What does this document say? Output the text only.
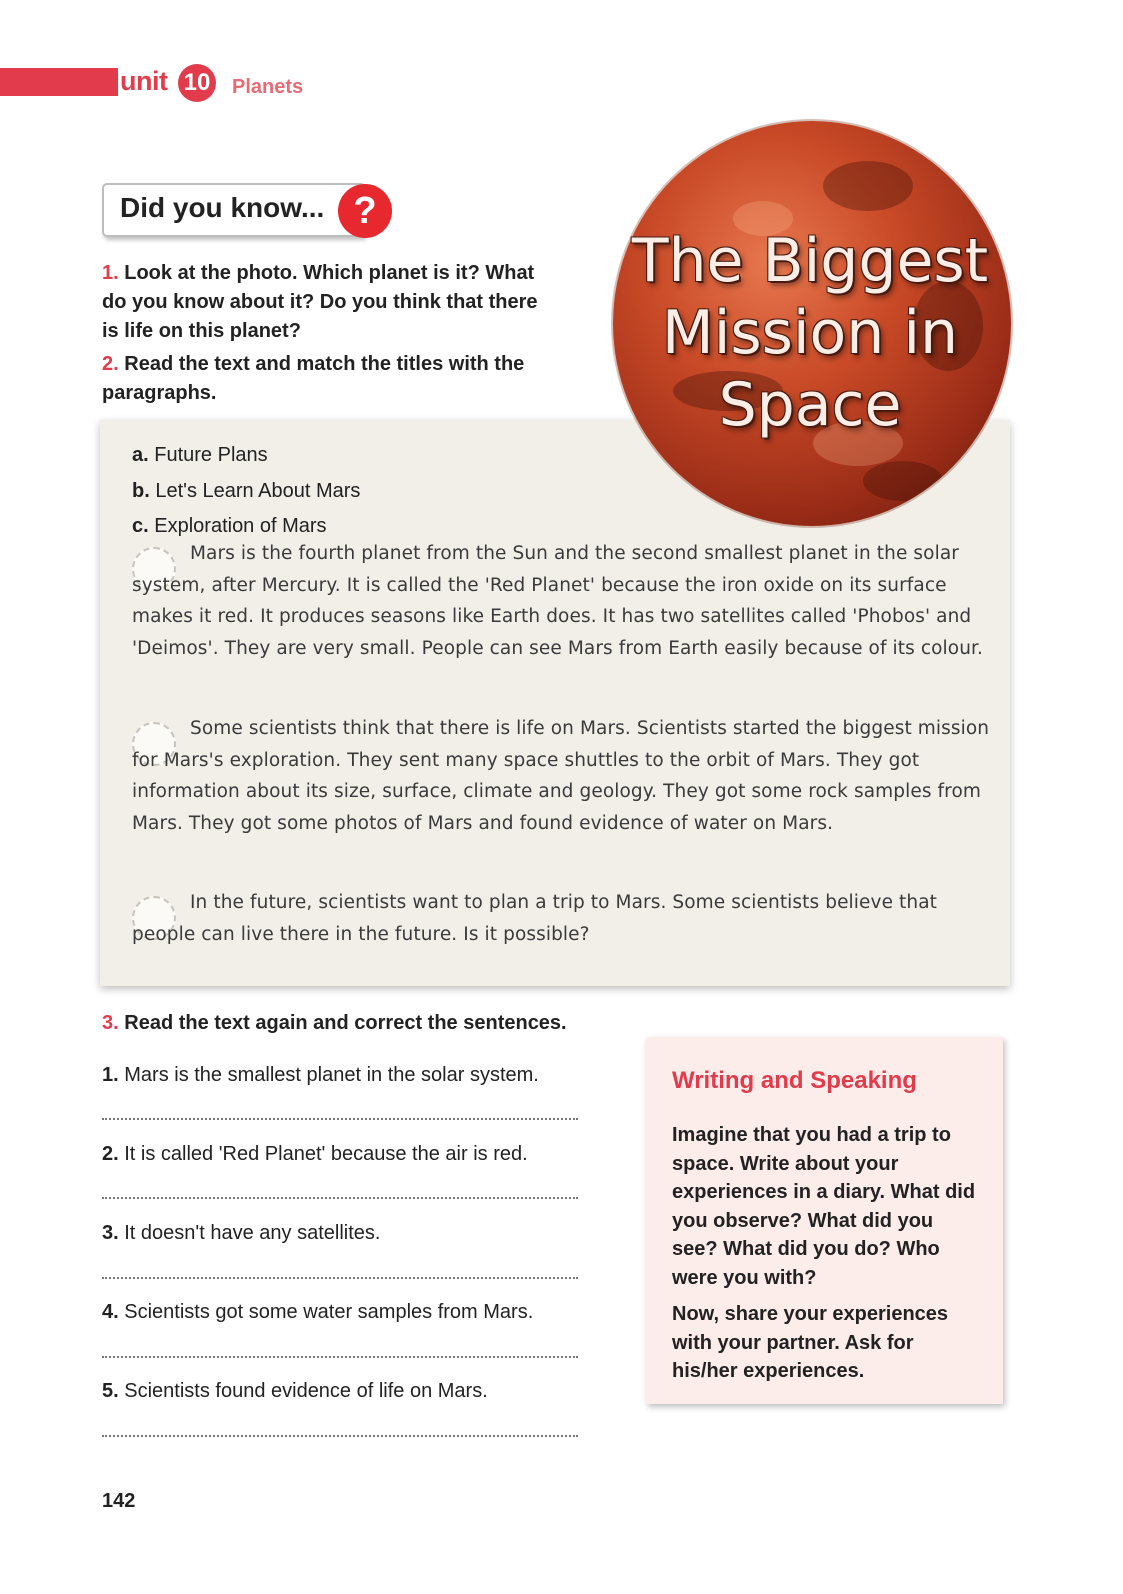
unit 10 Planets
Did you know... ?
1. Look at the photo. Which planet is it? What do you know about it? Do you think that there is life on this planet?
2. Read the text and match the titles with the paragraphs.
a. Future Plans
b. Let's Learn About Mars
c. Exploration of Mars
Mars is the fourth planet from the Sun and the second smallest planet in the solar system, after Mercury. It is called the 'Red Planet' because the iron oxide on its surface makes it red. It produces seasons like Earth does. It has two satellites called 'Phobos' and 'Deimos'. They are very small. People can see Mars from Earth easily because of its colour.
Some scientists think that there is life on Mars. Scientists started the biggest mission for Mars's exploration. They sent many space shuttles to the orbit of Mars. They got information about its size, surface, climate and geology. They got some rock samples from Mars. They got some photos of Mars and found evidence of water on Mars.
In the future, scientists want to plan a trip to Mars. Some scientists believe that people can live there in the future. Is it possible?
The Biggest Mission in Space
3. Read the text again and correct the sentences.
1. Mars is the smallest planet in the solar system.
2. It is called 'Red Planet' because the air is red.
3. It doesn't have any satellites.
4. Scientists got some water samples from Mars.
5. Scientists found evidence of life on Mars.
Writing and Speaking
Imagine that you had a trip to space. Write about your experiences in a diary. What did you observe? What did you see? What did you do? Who were you with?
Now, share your experiences with your partner. Ask for his/her experiences.
142
